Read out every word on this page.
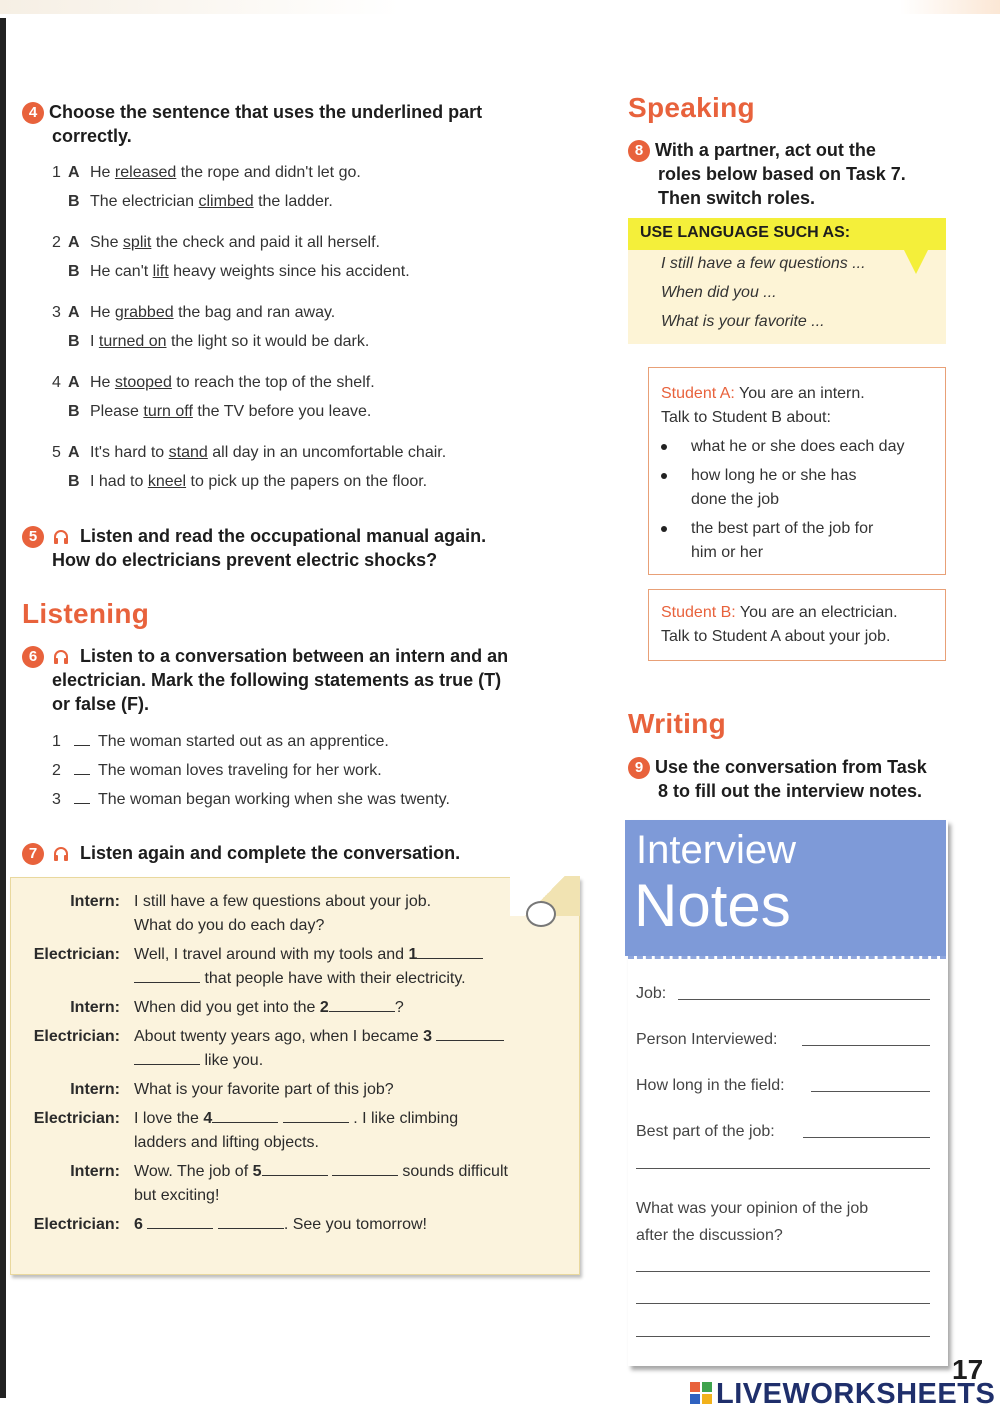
4 Choose the sentence that uses the underlined part
correctly.
1 A He released the rope and didn't let go.
B The electrician climbed the ladder.
2 A She split the check and paid it all herself.
B He can't lift heavy weights since his accident.
3 A He grabbed the bag and ran away.
B I turned on the light so it would be dark.
4 A He stooped to reach the top of the shelf.
B Please turn off the TV before you leave.
5 A It's hard to stand all day in an uncomfortable chair.
B I had to kneel to pick up the papers on the floor.
5 Listen and read the occupational manual again.
How do electricians prevent electric shocks?
Listening
6 Listen to a conversation between an intern and an
electrician. Mark the following statements as true (T)
or false (F).
1 The woman started out as an apprentice.
2 The woman loves traveling for her work.
3 The woman began working when she was twenty.
7 Listen again and complete the conversation.
Intern: I still have a few questions about your job.
What do you do each day?
Electrician: Well, I travel around with my tools and 1
that people have with their electricity.
Intern: When did you get into the 2	?
Electrician: About twenty years ago, when I became 3
like you.
Intern: What is your favorite part of this job?
Electrician: I love the 4	. I like climbing
ladders and lifting objects.
Intern: Wow. The job of 5	sounds difficult
but exciting!
Electrician: 6	. See you tomorrow!
Speaking
8 With a partner, act out the
roles below based on Task 7.
Then switch roles.
USE LANGUAGE SUCH AS:
I still have a few questions ...
When did you ...
What is your favorite ...
Student A: You are an intern.
Talk to Student B about:
what he or she does each day
how long he or she has
done the job
the best part of the job for
him or her
Student B: You are an electrician.
Talk to Student A about your job.
Writing
9 Use the conversation from Task
8 to fill out the interview notes.
Interview
Notes
Job:
Person Interviewed:
How long in the field:
Best part of the job:
What was your opinion of the job
after the discussion?
LIVEWORKSHEETS
17
